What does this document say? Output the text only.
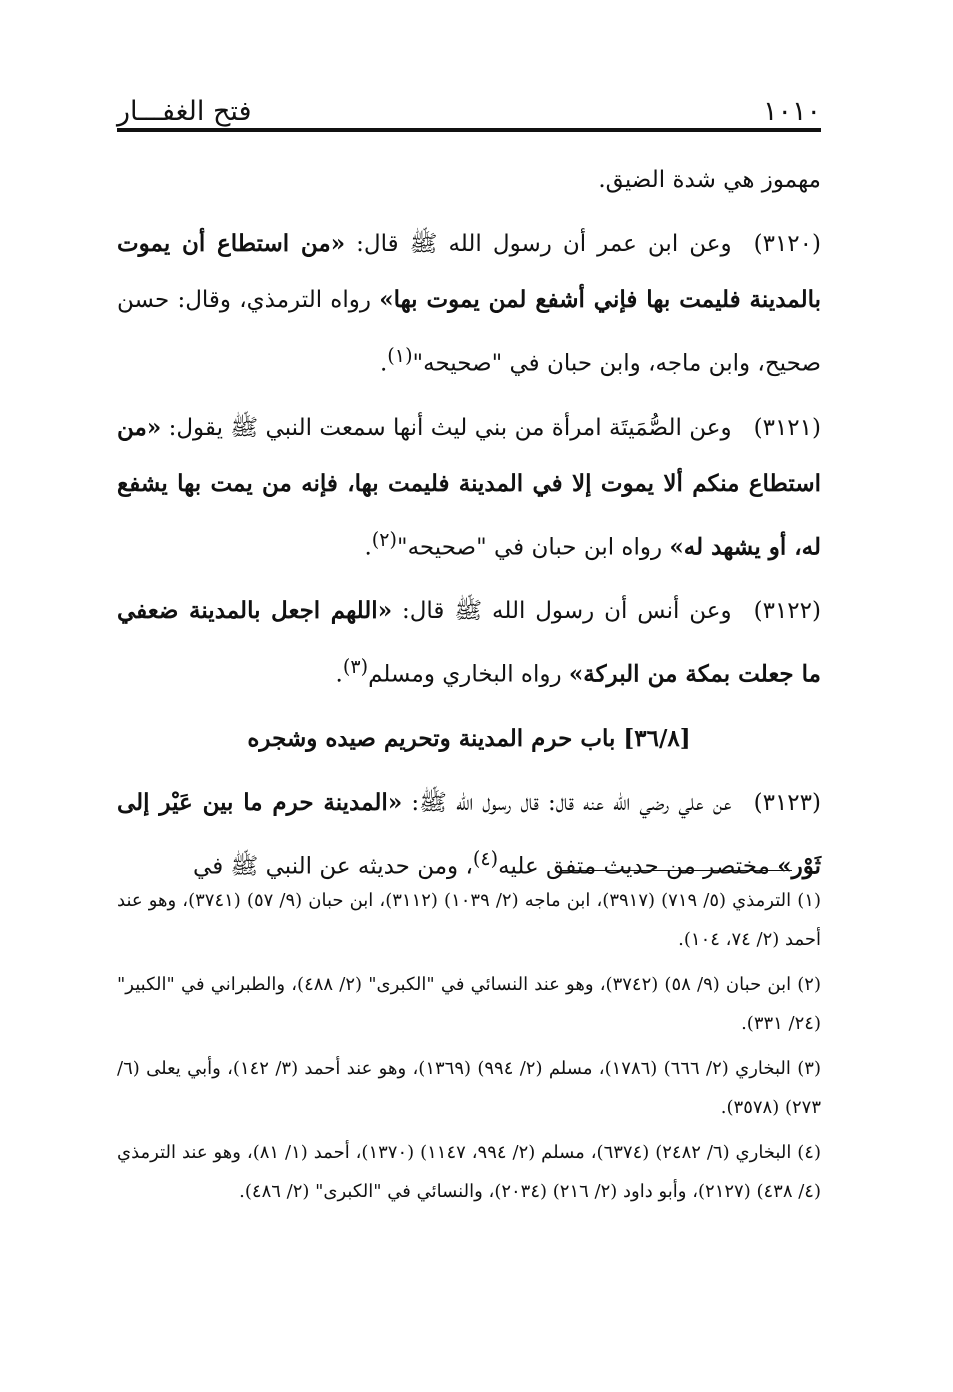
١٠١٠
فتح الغفـــار

مهموز هي شدة الضيق.

(٣١٢٠)وعن ابن عمر أن رسول الله ﷺ قال: «من استطاع أن يموت بالمدينة فليمت بها فإني أشفع لمن يموت بها» رواه الترمذي، وقال: حسن صحيح، وابن ماجه، وابن حبان في "صحيحه"$^{(١)}$.

(٣١٢١)وعن الصُّمَيتَة امرأة من بني ليث أنها سمعت النبي ﷺ يقول: «من استطاع منكم ألا يموت إلا في المدينة فليمت بها، فإنه من يمت بها يشفع له، أو يشهد له» رواه ابن حبان في "صحيحه"$^{(٢)}$.

(٣١٢٢)وعن أنس أن رسول الله ﷺ قال: «اللهم اجعل بالمدينة ضعفي ما جعلت بمكة من البركة» رواه البخاري ومسلم$^{(٣)}$.

[٣٦/٨] باب حرم المدينة وتحريم صيده وشجره

(٣١٢٣)عن علي رضي الله عنه قال: قال رسول الله ﷺ: «المدينة حرم ما بين عَيْر إلى ثَوْر» مختصر من حديث متفق عليه$^{(٤)}$، ومن حديثه عن النبي ﷺ في

(١) الترمذي (٥/ ٧١٩) (٣٩١٧)، ابن ماجه (٢/ ١٠٣٩) (٣١١٢)، ابن حبان (٩/ ٥٧) (٣٧٤١)، وهو عند أحمد (٢/ ٧٤، ١٠٤).

(٢) ابن حبان (٩/ ٥٨) (٣٧٤٢)، وهو عند النسائي في "الكبرى" (٢/ ٤٨٨)، والطبراني في "الكبير" (٢٤/ ٣٣١).

(٣) البخاري (٢/ ٦٦٦) (١٧٨٦)، مسلم (٢/ ٩٩٤) (١٣٦٩)، وهو عند أحمد (٣/ ١٤٢)، وأبي يعلى (٦/ ٢٧٣) (٣٥٧٨).

(٤) البخاري (٦/ ٢٤٨٢) (٦٣٧٤)، مسلم (٢/ ٩٩٤، ١١٤٧) (١٣٧٠)، أحمد (١/ ٨١)، وهو عند الترمذي (٤/ ٤٣٨) (٢١٢٧)، وأبو داود (٢/ ٢١٦) (٢٠٣٤)، والنسائي في "الكبرى" (٢/ ٤٨٦).
